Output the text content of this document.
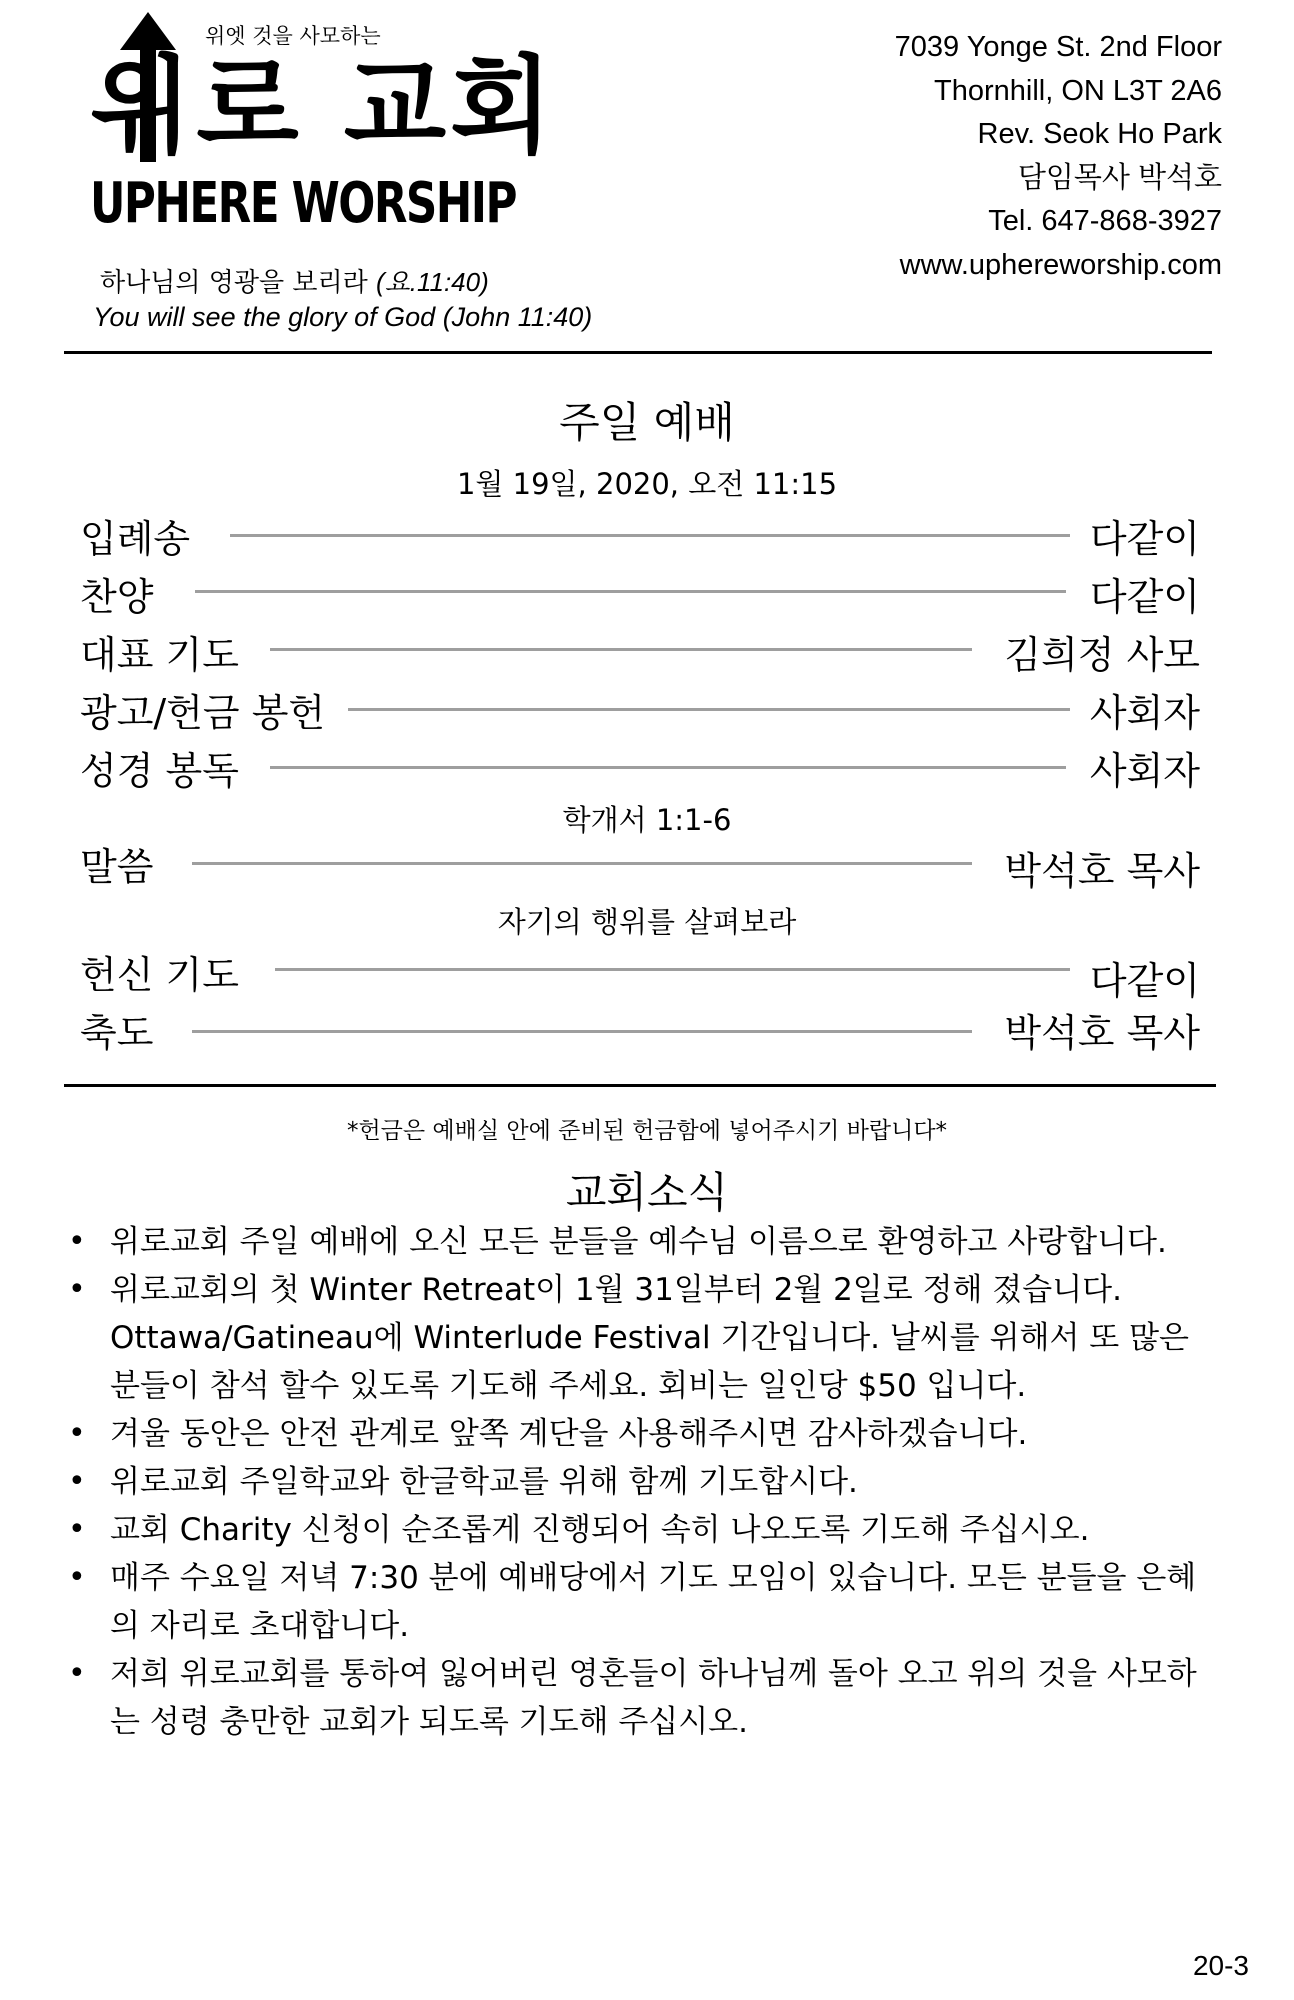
위엣 것을 사모하는
위로 교회
UPHERE WORSHIP
하나님의 영광을 보리라 (요.11:40)
You will see the glory of God (John 11:40)
7039 Yonge St. 2nd Floor
Thornhill, ON L3T 2A6
Rev. Seok Ho Park
담임목사 박석호
Tel. 647-868-3927
www.uphereworship.com
주일 예배
1월 19일, 2020, 오전 11:15
입례송	다같이
찬양	다같이
대표 기도	김희정 사모
광고/헌금 봉헌	사회자
성경 봉독	사회자
학개서 1:1-6
말씀	박석호 목사
자기의 행위를 살펴보라
헌신 기도	다같이
축도	박석호 목사
*헌금은 예배실 안에 준비된 헌금함에 넣어주시기 바랍니다*
교회소식
• 위로교회 주일 예배에 오신 모든 분들을 예수님 이름으로 환영하고 사랑합니다.
• 위로교회의 첫 Winter Retreat이 1월 31일부터 2월 2일로 정해 졌습니다. Ottawa/Gatineau에 Winterlude Festival 기간입니다. 날씨를 위해서 또 많은 분들이 참석 할수 있도록 기도해 주세요. 회비는 일인당 $50 입니다.
• 겨울 동안은 안전 관계로 앞쪽 계단을 사용해주시면 감사하겠습니다.
• 위로교회 주일학교와 한글학교를 위해 함께 기도합시다.
• 교회 Charity 신청이 순조롭게 진행되어 속히 나오도록 기도해 주십시오.
• 매주 수요일 저녁 7:30 분에 예배당에서 기도 모임이 있습니다. 모든 분들을 은혜의 자리로 초대합니다.
• 저희 위로교회를 통하여 잃어버린 영혼들이 하나님께 돌아 오고 위의 것을 사모하는 성령 충만한 교회가 되도록 기도해 주십시오.
20-3
